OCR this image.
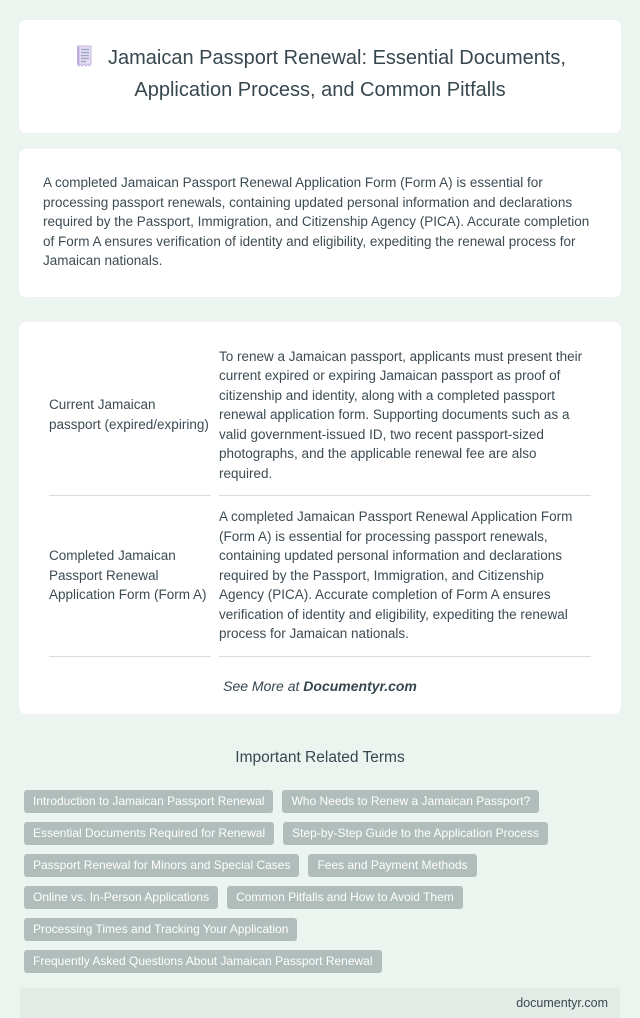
Jamaican Passport Renewal: Essential Documents, Application Process, and Common Pitfalls

A completed Jamaican Passport Renewal Application Form (Form A) is essential for processing passport renewals, containing updated personal information and declarations required by the Passport, Immigration, and Citizenship Agency (PICA). Accurate completion of Form A ensures verification of identity and eligibility, expediting the renewal process for Jamaican nationals.

Current Jamaican passport (expired/expiring)	To renew a Jamaican passport, applicants must present their current expired or expiring Jamaican passport as proof of citizenship and identity, along with a completed passport renewal application form. Supporting documents such as a valid government-issued ID, two recent passport-sized photographs, and the applicable renewal fee are also required.
Completed Jamaican Passport Renewal Application Form (Form A)	A completed Jamaican Passport Renewal Application Form (Form A) is essential for processing passport renewals, containing updated personal information and declarations required by the Passport, Immigration, and Citizenship Agency (PICA). Accurate completion of Form A ensures verification of identity and eligibility, expediting the renewal process for Jamaican nationals.
See More at Documentyr.com
Important Related Terms
Introduction to Jamaican Passport Renewal	Who Needs to Renew a Jamaican Passport?
Essential Documents Required for Renewal	Step-by-Step Guide to the Application Process
Passport Renewal for Minors and Special Cases	Fees and Payment Methods
Online vs. In-Person Applications	Common Pitfalls and How to Avoid Them
Processing Times and Tracking Your Application
Frequently Asked Questions About Jamaican Passport Renewal
documentyr.com
